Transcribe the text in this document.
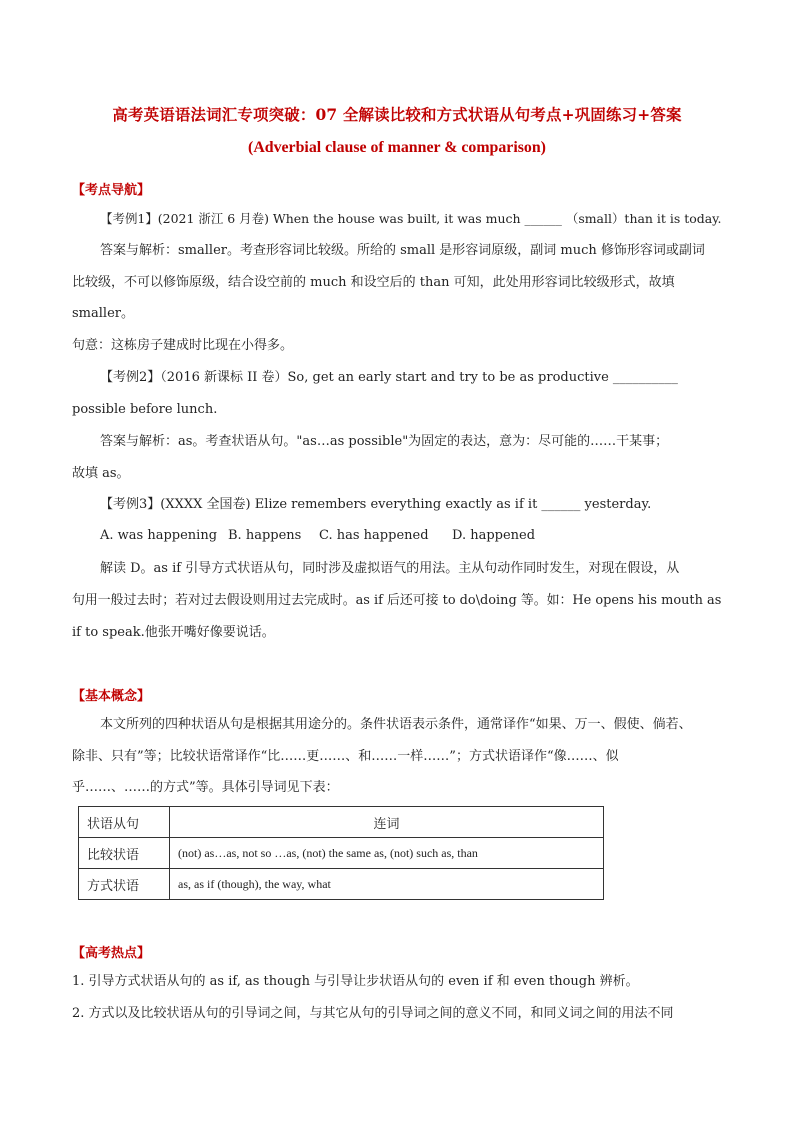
高考英语语法词汇专项突破：07 全解读比较和方式状语从句考点+巩固练习+答案
(Adverbial clause of manner & comparison)
【考点导航】
【考例1】(2021 浙江 6 月卷) When the house was built, it was much ______ （small）than it is today.
答案与解析：smaller。考查形容词比较级。所给的 small 是形容词原级，副词 much 修饰形容词或副词
比较级，不可以修饰原级，结合设空前的 much 和设空后的 than 可知，此处用形容词比较级形式，故填
smaller。
句意：这栋房子建成时比现在小得多。
【考例2】（2016 新课标 II 卷）So, get an early start and try to be as productive __________
possible before lunch.
答案与解析：as。考查状语从句。"as…as possible"为固定的表达，意为：尽可能的……干某事；
故填 as。
【考例3】(XXXX 全国卷) Elize remembers everything exactly as if it ______ yesterday.
A. was happening B. happens C. has happened D. happened
解读 D。as if 引导方式状语从句，同时涉及虚拟语气的用法。主从句动作同时发生，对现在假设，从
句用一般过去时；若对过去假设则用过去完成时。as if 后还可接 to do\doing 等。如：He opens his mouth as
if to speak.他张开嘴好像要说话。
【基本概念】
本文所列的四种状语从句是根据其用途分的。条件状语表示条件，通常译作“如果、万一、假使、倘若、
除非、只有”等；比较状语常译作“比……更……、和……一样……”；方式状语译作“像……、似
乎……、……的方式”等。具体引导词见下表：
状语从句	连词
比较状语	(not) as…as, not so …as, (not) the same as, (not) such as, than
方式状语	as, as if (though), the way, what
【高考热点】
1. 引导方式状语从句的 as if, as though 与引导让步状语从句的 even if 和 even though 辨析。
2. 方式以及比较状语从句的引导词之间，与其它从句的引导词之间的意义不同，和同义词之间的用法不同
